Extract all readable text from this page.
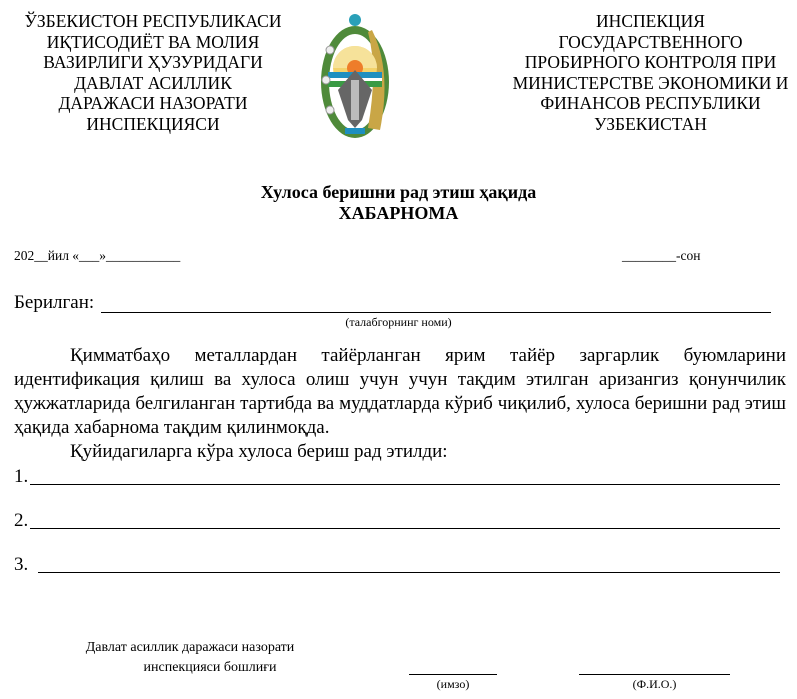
ЎЗБЕКИСТОН РЕСПУБЛИКАСИ
ИҚТИСОДИЁТ ВА МОЛИЯ
ВАЗИРЛИГИ ҲУЗУРИДАГИ
ДАВЛАТ АСИЛЛИК
ДАРАЖАСИ НАЗОРАТИ
ИНСПЕКЦИЯСИ
ИНСПЕКЦИЯ
ГОСУДАРСТВЕННОГО
ПРОБИРНОГО КОНТРОЛЯ ПРИ
МИНИСТЕРСТВЕ ЭКОНОМИКИ И
ФИНАНСОВ РЕСПУБЛИКИ
УЗБЕКИСТАН
Хулоса беришни рад этиш ҳақида
ХАБАРНОМА
202__йил «___»___________	________-сон
Берилган:
(талабгорнинг номи)

Қимматбаҳо металлардан тайёрланган ярим тайёр заргарлик буюмларини идентификация қилиш ва хулоса олиш учун учун тақдим этилган аризангиз қонунчилик ҳужжатларида белгиланган тартибда ва муддатларда кўриб чиқилиб, хулоса беришни рад этиш ҳақида хабарнома тақдим қилинмоқда.

Қуйидагиларга кўра хулоса бериш рад этилди:

1.
2.
3.
Давлат асиллик даражаси назорати
инспекцияси бошлиғи
(имзо)	(Ф.И.О.)
